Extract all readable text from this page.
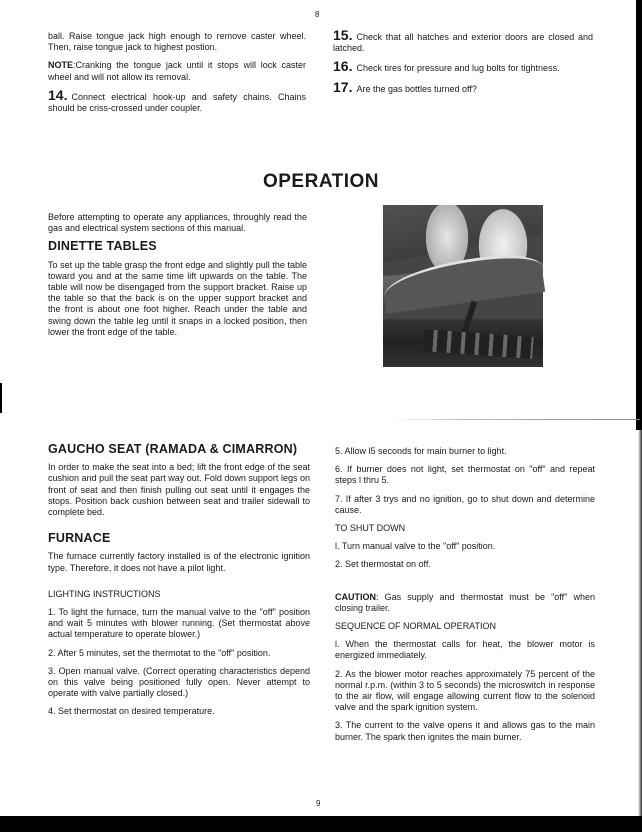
8

ball. Raise tongue jack high enough to remove caster wheel. Then, raise tongue jack to highest postion.

NOTE:Cranking the tongue jack until it stops will lock caster wheel and will not allow its removal.

14. Connect electrical hook-up and safety chains. Chains should be criss-crossed under coupler.

15. Check that all hatches and exterior doors are closed and latched.

16. Check tires for pressure and lug bolts for tightness.

17. Are the gas bottles turned off?

OPERATION

Before attempting to operate any appliances, throughly read the gas and electrical system sections of this manual.

DINETTE TABLES

To set up the table grasp the front edge and slightly pull the table toward you and at the same time lift upwards on the table. The table will now be disengaged from the support bracket. Raise up the table so that the back is on the upper support bracket and the front is about one foot higher. Reach under the table and swing down the table leg until it snaps in a locked position, then lower the front edge of the table.

GAUCHO SEAT (RAMADA & CIMARRON)

In order to make the seat into a bed; lift the front edge of the seat cushion and pull the seat part way out. Fold down support legs on front of seat and then finish pulling out seat until it engages the stops. Position back cushion between seat and trailer sidewall to complete bed.

FURNACE

The furnace currently factory installed is of the electronic ignition type. Therefore, it does not have a pilot light.

LIGHTING INSTRUCTIONS

1. To light the furnace, turn the manual valve to the "off" position and wait 5 minutes with blower running. (Set thermostat above actual temperature to operate blower.)

2. After 5 minutes, set the thermotat to the "off" position.

3. Open manual valve. (Correct operating characteristics depend on this valve being positioned fully open. Never attempt to operate with valve partially closed.)

4. Set thermostat on desired temperature.

5. Allow l5 seconds for main burner to light.

6. If burner does not light, set thermostat on "off" and repeat steps l thru 5.

7. If after 3 trys and no ignition, go to shut down and determine cause.

TO SHUT DOWN

l. Turn manual valve to the "off" position.

2. Set thermostat on off.

CAUTION: Gas supply and thermostat must be "off" when closing trailer.

SEQUENCE OF NORMAL OPERATION

l. When the thermostat calls for heat, the blower motor is energized immediately.

2. As the blower motor reaches approximately 75 percent of the normal r.p.m. (within 3 to 5 seconds) the microswitch in response to the air flow, will engage allowing current flow to the solenoid valve and the spark ignition system.

3. The current to the valve opens it and allows gas to the main burner. The spark then ignites the main burner.

9
